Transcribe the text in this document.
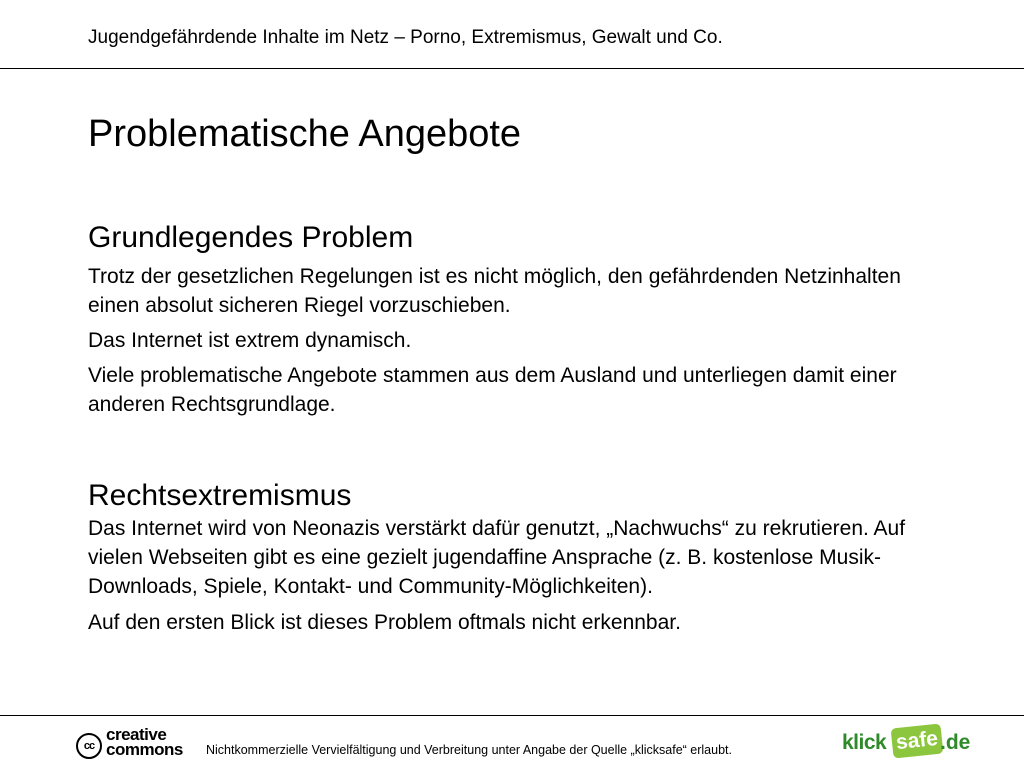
Jugendgefährdende Inhalte im Netz – Porno, Extremismus, Gewalt und Co.
Problematische Angebote
Grundlegendes Problem

Trotz der gesetzlichen Regelungen ist es nicht möglich, den gefährdenden Netzinhalten einen absolut sicheren Riegel vorzuschieben.

Das Internet ist extrem dynamisch.

Viele problematische Angebote stammen aus dem Ausland und unterliegen damit einer anderen Rechtsgrundlage.

Rechtsextremismus

Das Internet wird von Neonazis verstärkt dafür genutzt, „Nachwuchs“ zu rekrutieren. Auf vielen Webseiten gibt es eine gezielt jugendaffine Ansprache (z. B. kostenlose Musik-Downloads, Spiele, Kontakt- und Community-Möglichkeiten).

Auf den ersten Blick ist dieses Problem oftmals nicht erkennbar.

cc
creative
commons Nichtkommerzielle Vervielfältigung und Verbreitung unter Angabe der Quelle „klicksafe“ erlaubt.	klick safe .de
